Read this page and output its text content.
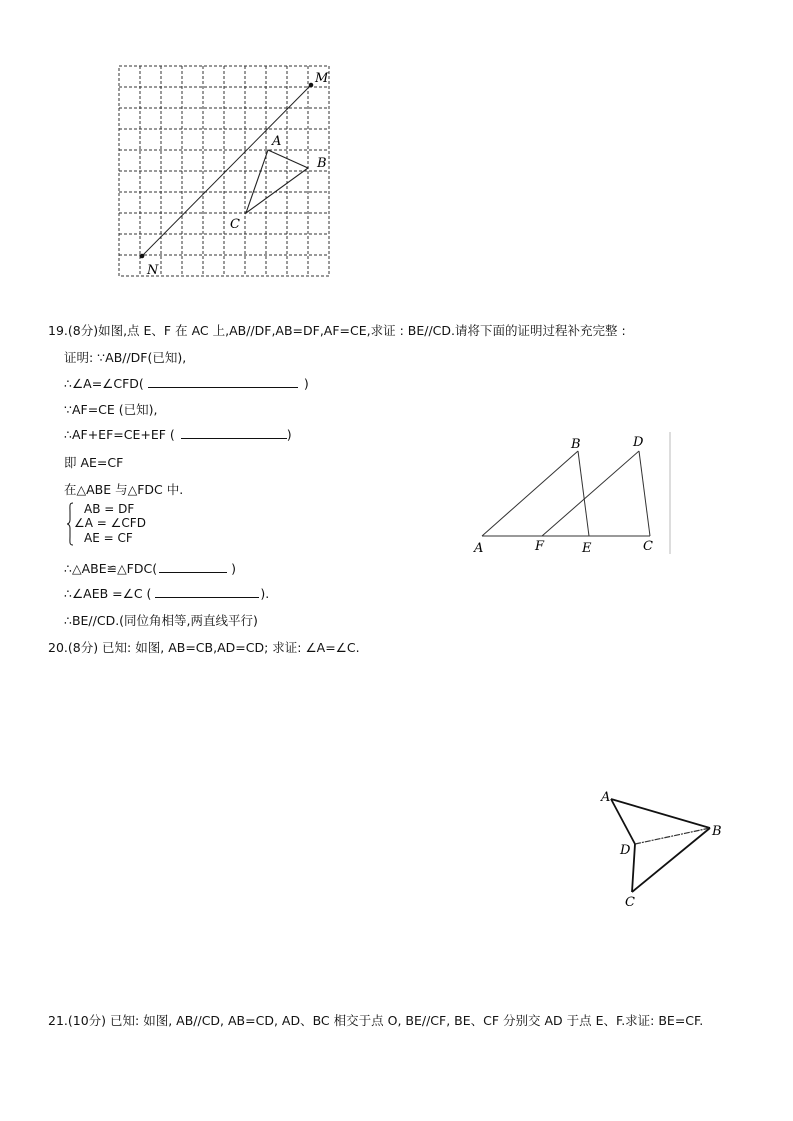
M
A
B
C
N
19.(8分)如图,点 E、F 在 AC 上,AB//DF,AB=DF,AF=CE,求证 : BE//CD.请将下面的证明过程补充完整 :
证明: ∵AB//DF(已知),
∴∠A=∠CFD(	)
∵AF=CE (已知),
∴AF+EF=CE+EF (	)
即 AE=CF
在△ABE 与△FDC 中.
AB = DF
∠A = ∠CFD
AE = CF
∴△ABE≌△FDC(	)
∴∠AEB =∠C (	).
∴BE//CD.(同位角相等,两直线平行)
B	D
A	F	E	C
20.(8分) 已知: 如图, AB=CB,AD=CD; 求证: ∠A=∠C.
A
B
D
C
21.(10分) 已知: 如图, AB//CD, AB=CD, AD、BC 相交于点 O, BE//CF, BE、CF 分别交 AD 于点 E、F.求证: BE=CF.
